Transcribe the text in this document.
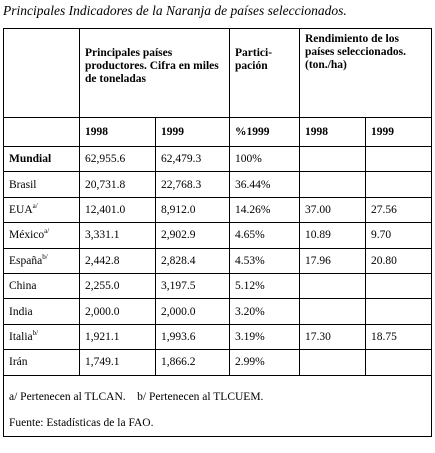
Principales Indicadores de la Naranja de países seleccionados.
	Principales países productores. Cifra en miles de toneladas		Partici-pación	Rendimiento de los países seleccionados. (ton./ha)	
	1998	1999	%1999	1998	1999
Mundial	62,955.6	62,479.3	100%		
Brasil	20,731.8	22,768.3	36.44%		
$EUA^{a/}$	12,401.0	8,912.0	14.26%	37.00	27.56
México$^{a/}$	3,331.1	2,902.9	4.65%	10.89	9.70
España$^{b/}$	2,442.8	2,828.4	4.53%	17.96	20.80
China	2,255.0	3,197.5	5.12%		
India	2,000.0	2,000.0	3.20%		
Italia$^{b/}$	1,921.1	1,993.6	3.19%	17.30	18.75
Irán	1,749.1	1,866.2	2.99%		

a/ Pertenecen al TLCAN.    b/ Pertenecen al TLCUEM.
Fuente: Estadísticas de la FAO.					
